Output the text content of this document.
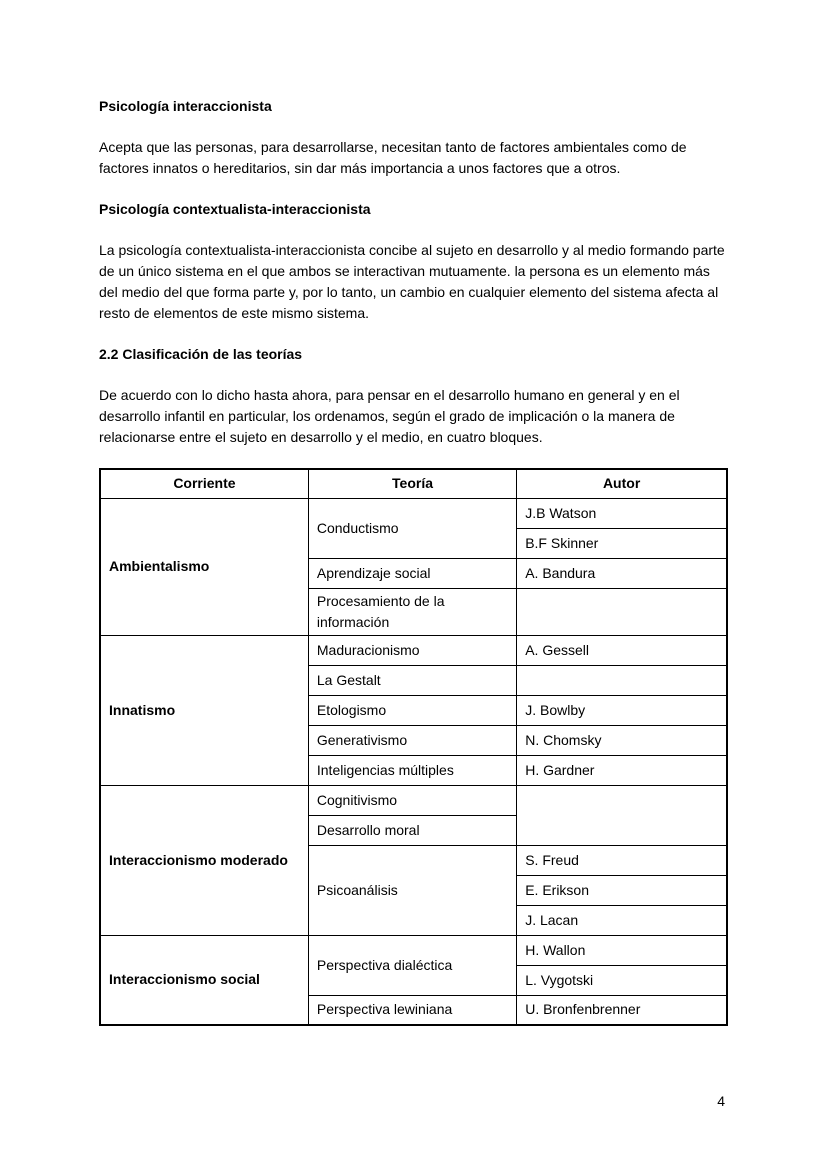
Psicología interaccionista

Acepta que las personas, para desarrollarse, necesitan tanto de factores ambientales como de factores innatos o hereditarios, sin dar más importancia a unos factores que a otros.

Psicología contextualista-interaccionista

La psicología contextualista-interaccionista concibe al sujeto en desarrollo y al medio formando parte de un único sistema en el que ambos se interactivan mutuamente. la persona es un elemento más del medio del que forma parte y, por lo tanto, un cambio en cualquier elemento del sistema afecta al resto de elementos de este mismo sistema.

2.2 Clasificación de las teorías

De acuerdo con lo dicho hasta ahora, para pensar en el desarrollo humano en general y en el desarrollo infantil en particular, los ordenamos, según el grado de implicación o la manera de relacionarse entre el sujeto en desarrollo y el medio, en cuatro bloques.

Corriente	Teoría	Autor
Ambientalismo	Conductismo	J.B Watson
		B.F Skinner
	Aprendizaje social	A. Bandura
	Procesamiento de la información	
Innatismo	Maduracionismo	A. Gessell
	La Gestalt	
	Etologismo	J. Bowlby
	Generativismo	N. Chomsky
	Inteligencias múltiples	H. Gardner
Interaccionismo moderado	Cognitivismo	
	Desarrollo moral	
	Psicoanálisis	S. Freud
		E. Erikson
		J. Lacan
Interaccionismo social	Perspectiva dialéctica	H. Wallon
		L. Vygotski
	Perspectiva lewiniana	U. Bronfenbrenner
4
